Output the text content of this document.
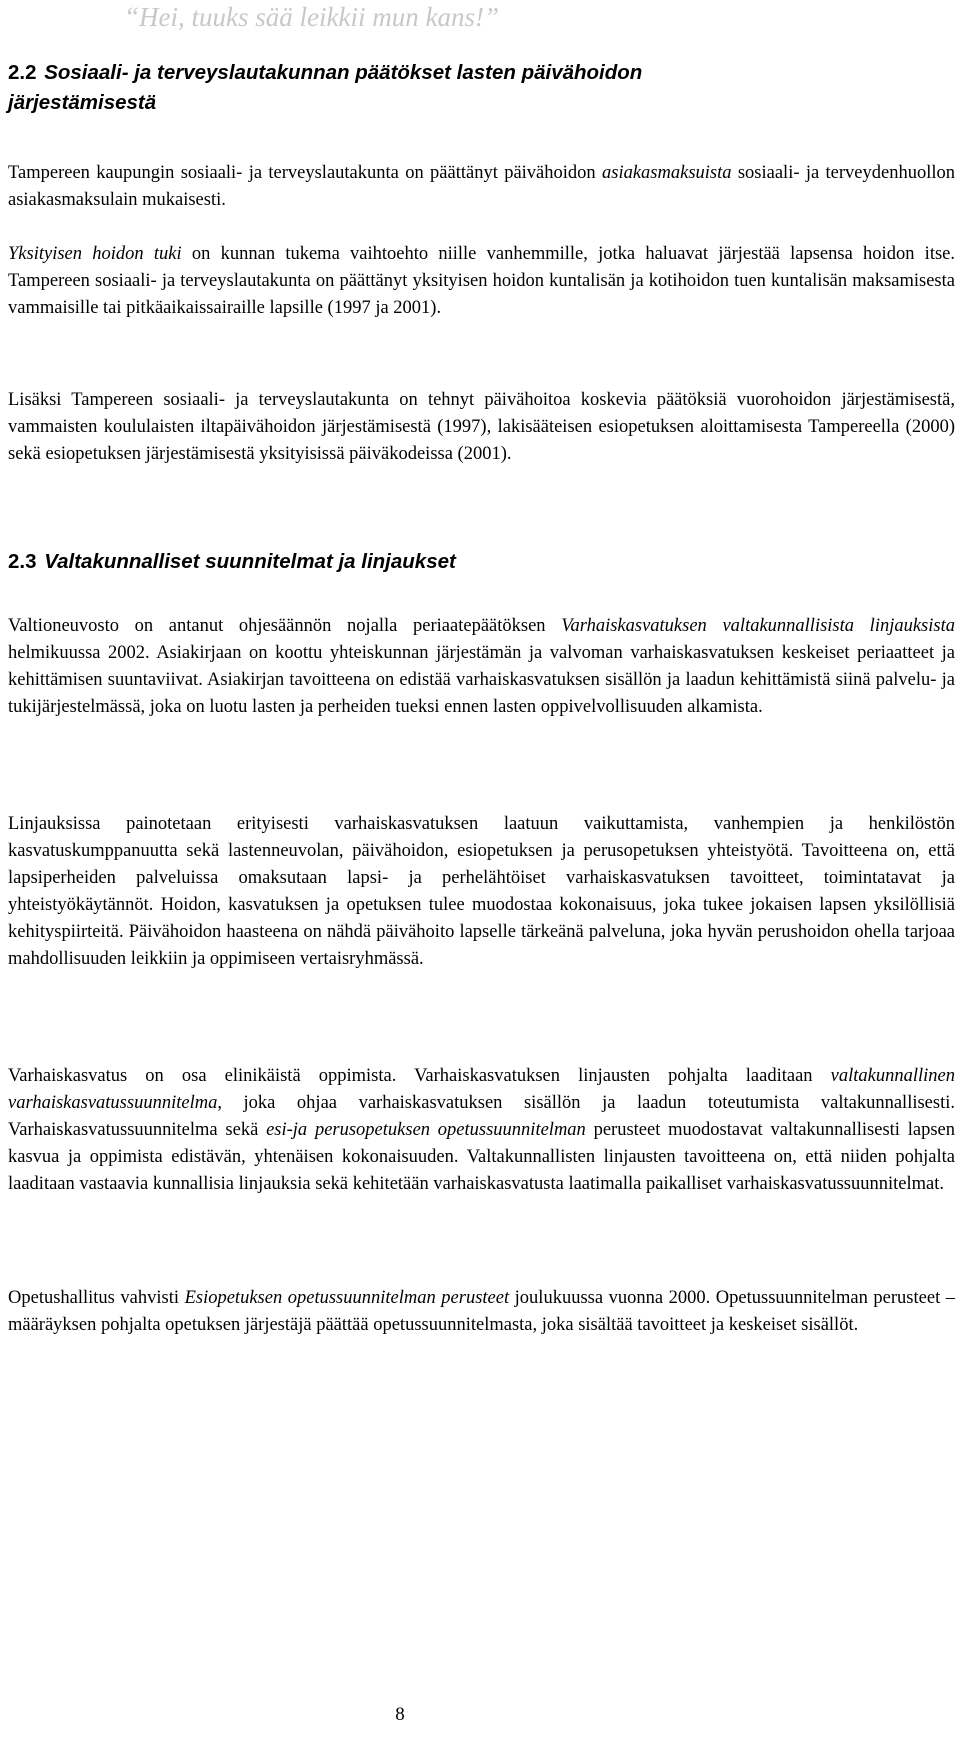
“Hei, tuuks sää leikkii mun kans!”
2.2 Sosiaali- ja terveyslautakunnan päätökset lasten päivähoidon
järjestämisestä
Tampereen kaupungin sosiaali- ja terveyslautakunta on päättänyt päivähoidon asiakasmaksuista sosiaali- ja terveydenhuollon asiakasmaksulain mukaisesti.
Yksityisen hoidon tuki on kunnan tukema vaihtoehto niille vanhemmille, jotka haluavat järjestää lapsensa hoidon itse. Tampereen sosiaali- ja terveyslautakunta on päättänyt yksityisen hoidon kuntalisän ja kotihoidon tuen kuntalisän maksamisesta vammaisille tai pitkäaikaissairaille lapsille (1997 ja 2001).
Lisäksi Tampereen sosiaali- ja terveyslautakunta on tehnyt päivähoitoa koskevia päätöksiä vuorohoidon järjestämisestä, vammaisten koululaisten iltapäivähoidon järjestämisestä (1997), lakisääteisen esiopetuksen aloittamisesta Tampereella (2000) sekä esiopetuksen järjestämisestä yksityisissä päiväkodeissa (2001).
2.3 Valtakunnalliset suunnitelmat ja linjaukset
Valtioneuvosto on antanut ohjesäännön nojalla periaatepäätöksen Varhaiskasvatuksen valtakunnallisista linjauksista helmikuussa 2002. Asiakirjaan on koottu yhteiskunnan järjestämän ja valvoman varhaiskasvatuksen keskeiset periaatteet ja kehittämisen suuntaviivat. Asiakirjan tavoitteena on edistää varhaiskasvatuksen sisällön ja laadun kehittämistä siinä palvelu- ja tukijärjestelmässä, joka on luotu lasten ja perheiden tueksi ennen lasten oppivelvollisuuden alkamista.
Linjauksissa painotetaan erityisesti varhaiskasvatuksen laatuun vaikuttamista, vanhempien ja henkilöstön kasvatuskumppanuutta sekä lastenneuvolan, päivähoidon, esiopetuksen ja perusopetuksen yhteistyötä. Tavoitteena on, että lapsiperheiden palveluissa omaksutaan lapsi- ja perhelähtöiset varhaiskasvatuksen tavoitteet, toimintatavat ja yhteistyökäytännöt. Hoidon, kasvatuksen ja opetuksen tulee muodostaa kokonaisuus, joka tukee jokaisen lapsen yksilöllisiä kehityspiirteitä. Päivähoidon haasteena on nähdä päivähoito lapselle tärkeänä palveluna, joka hyvän perushoidon ohella tarjoaa mahdollisuuden leikkiin ja oppimiseen vertaisryhmässä.
Varhaiskasvatus on osa elinikäistä oppimista. Varhaiskasvatuksen linjausten pohjalta laaditaan valtakunnallinen varhaiskasvatussuunnitelma, joka ohjaa varhaiskasvatuksen sisällön ja laadun toteutumista valtakunnallisesti. Varhaiskasvatussuunnitelma sekä esi-ja perusopetuksen opetussuunnitelman perusteet muodostavat valtakunnallisesti lapsen kasvua ja oppimista edistävän, yhtenäisen kokonaisuuden. Valtakunnallisten linjausten tavoitteena on, että niiden pohjalta laaditaan vastaavia kunnallisia linjauksia sekä kehitetään varhaiskasvatusta laatimalla paikalliset varhaiskasvatussuunnitelmat.
Opetushallitus vahvisti Esiopetuksen opetussuunnitelman perusteet joulukuussa vuonna 2000. Opetussuunnitelman perusteet –määräyksen pohjalta opetuksen järjestäjä päättää opetussuunnitelmasta, joka sisältää tavoitteet ja keskeiset sisällöt.
8
